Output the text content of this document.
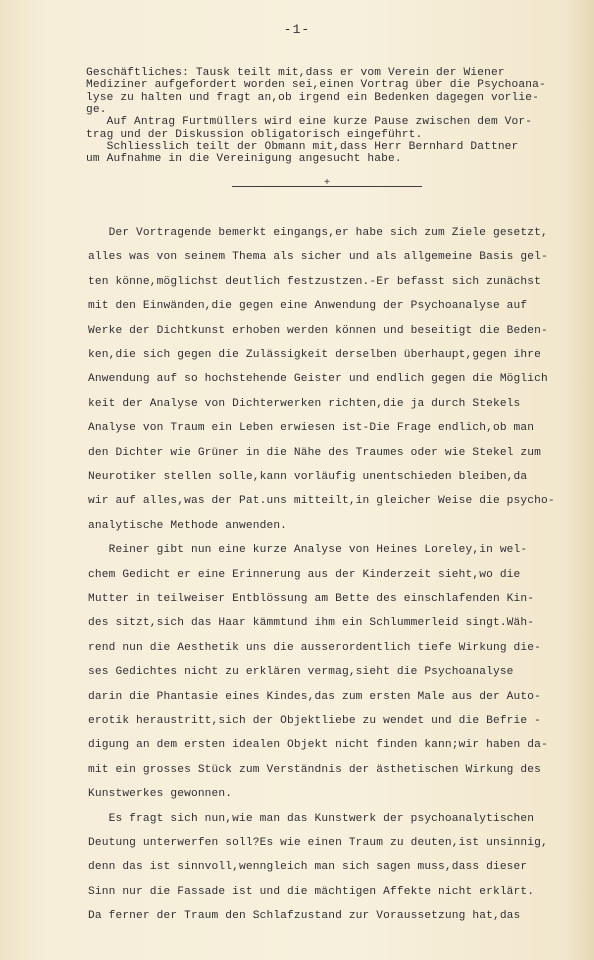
-1-
Geschäftliches: Tausk teilt mit,dass er vom Verein der Wiener
Mediziner aufgefordert worden sei,einen Vortrag über die Psychoana-
lyse zu halten und fragt an,ob irgend ein Bedenken dagegen vorlie-
ge.
Auf Antrag Furtmüllers wird eine kurze Pause zwischen dem Vor-
trag und der Diskussion obligatorisch eingeführt.
Schliesslich teilt der Obmann mit,dass Herr Bernhard Dattner
um Aufnahme in die Vereinigung angesucht habe.
+
Der Vortragende bemerkt eingangs,er habe sich zum Ziele gesetzt,
alles was von seinem Thema als sicher und als allgemeine Basis gel-
ten könne,möglichst deutlich festzustzen.-Er befasst sich zunächst
mit den Einwänden,die gegen eine Anwendung der Psychoanalyse auf
Werke der Dichtkunst erhoben werden können und beseitigt die Beden-
ken,die sich gegen die Zulässigkeit derselben überhaupt,gegen ihre
Anwendung auf so hochstehende Geister und endlich gegen die Möglich
keit der Analyse von Dichterwerken richten,die ja durch Stekels
Analyse von Traum ein Leben erwiesen ist-Die Frage endlich,ob man
den Dichter wie Grüner in die Nähe des Traumes oder wie Stekel zum
Neurotiker stellen solle,kann vorläufig unentschieden bleiben,da
wir auf alles,was der Pat.uns mitteilt,in gleicher Weise die psycho-
analytische Methode anwenden.
Reiner gibt nun eine kurze Analyse von Heines Loreley,in wel-
chem Gedicht er eine Erinnerung aus der Kinderzeit sieht,wo die
Mutter in teilweiser Entblössung am Bette des einschlafenden Kin-
des sitzt,sich das Haar kämmtund ihm ein Schlummerleid singt.Wäh-
rend nun die Aesthetik uns die ausserordentlich tiefe Wirkung die-
ses Gedichtes nicht zu erklären vermag,sieht die Psychoanalyse
darin die Phantasie eines Kindes,das zum ersten Male aus der Auto-
erotik heraustritt,sich der Objektliebe zu wendet und die Befrie -
digung an dem ersten idealen Objekt nicht finden kann;wir haben da-
mit ein grosses Stück zum Verständnis der ästhetischen Wirkung des
Kunstwerkes gewonnen.
Es fragt sich nun,wie man das Kunstwerk der psychoanalytischen
Deutung unterwerfen soll?Es wie einen Traum zu deuten,ist unsinnig,
denn das ist sinnvoll,wenngleich man sich sagen muss,dass dieser
Sinn nur die Fassade ist und die mächtigen Affekte nicht erklärt.
Da ferner der Traum den Schlafzustand zur Voraussetzung hat,das
